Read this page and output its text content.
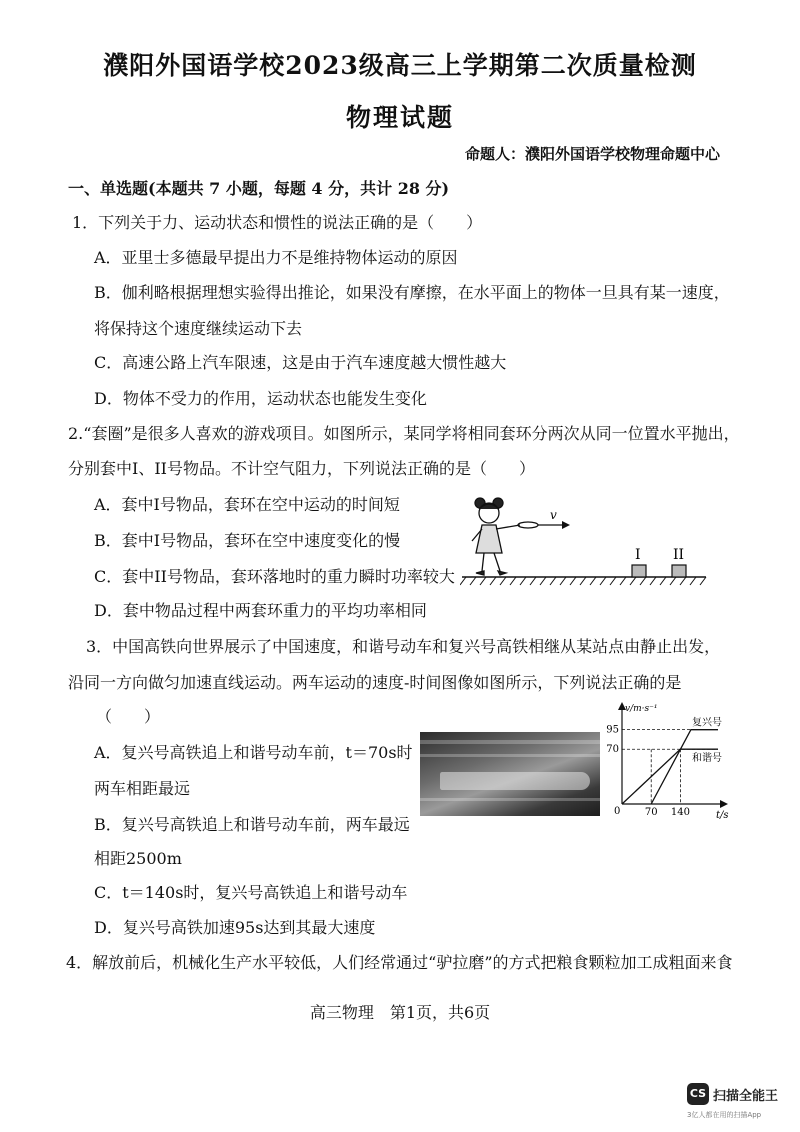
濮阳外国语学校2023级高三上学期第二次质量检测
物理试题
命题人：濮阳外国语学校物理命题中心
一、单选题(本题共 7 小题，每题 4 分，共计 28 分)
1．下列关于力、运动状态和惯性的说法正确的是（　　）
A．亚里士多德最早提出力不是维持物体运动的原因
B．伽利略根据理想实验得出推论，如果没有摩擦，在水平面上的物体一旦具有某一速度，
将保持这个速度继续运动下去
C．高速公路上汽车限速，这是由于汽车速度越大惯性越大
D．物体不受力的作用，运动状态也能发生变化
2.“套圈”是很多人喜欢的游戏项目。如图所示，某同学将相同套环分两次从同一位置水平抛出，
分别套中I、II号物品。不计空气阻力，下列说法正确的是（　　）
A．套中I号物品，套环在空中运动的时间短
B．套中I号物品，套环在空中速度变化的慢
C．套中II号物品，套环落地时的重力瞬时功率较大
D．套中物品过程中两套环重力的平均功率相同
v
I II
3．中国高铁向世界展示了中国速度，和谐号动车和复兴号高铁相继从某站点由静止出发，
沿同一方向做匀加速直线运动。两车运动的速度-时间图像如图所示，下列说法正确的是
（　　）
A．复兴号高铁追上和谐号动车前，t＝70s时
两车相距最远
B．复兴号高铁追上和谐号动车前，两车最远
相距2500m
C．t＝140s时，复兴号高铁追上和谐号动车
D．复兴号高铁加速95s达到其最大速度
v/m·s⁻¹
t/s
0
70
95
70 140
复兴号
和谐号
4．解放前后，机械化生产水平较低，人们经常通过“驴拉磨”的方式把粮食颗粒加工成粗面来食
高三物理　第1页，共6页
CS 扫描全能王
3亿人都在用的扫描App
